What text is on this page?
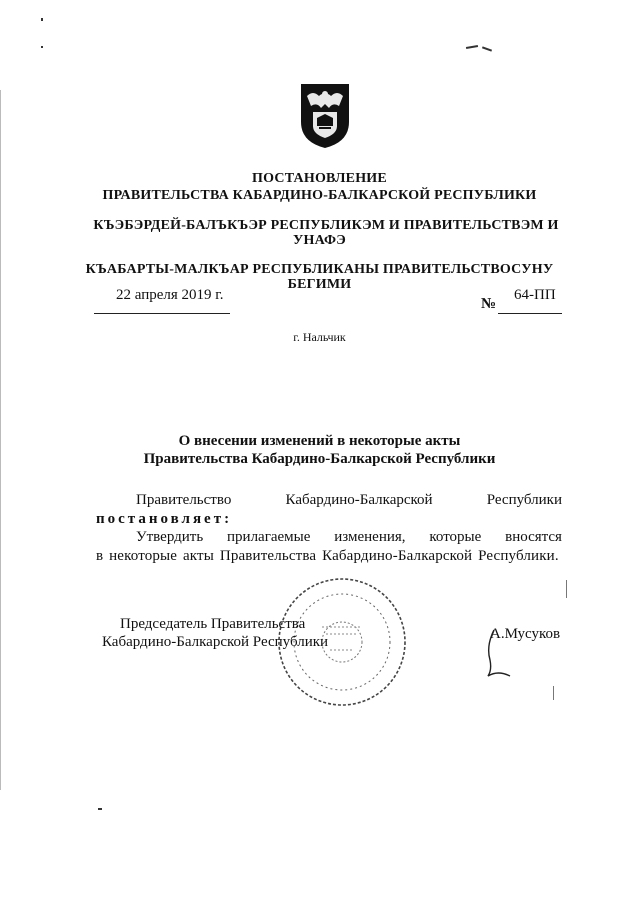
ПОСТАНОВЛЕНИЕ
ПРАВИТЕЛЬСТВА КАБАРДИНО-БАЛКАРСКОЙ РЕСПУБЛИКИ
КЪЭБЭРДЕЙ-БАЛЪКЪЭР РЕСПУБЛИКЭМ И ПРАВИТЕЛЬСТВЭМ И
УНАФЭ
КЪАБАРТЫ-МАЛКЪАР РЕСПУБЛИКАНЫ ПРАВИТЕЛЬСТВОСУНУ
БЕГИМИ
22 апреля 2019 г.
№
64-ПП
г. Нальчик
О внесении изменений в некоторые акты
Правительства Кабардино-Балкарской Республики
Правительство	Кабардино-Балкарской	Республики
постановляет:
Утвердить прилагаемые изменения, которые вносятся
в некоторые акты Правительства Кабардино-Балкарской Республики.
Председатель Правительства
Кабардино-Балкарской Республики	А.Мусуков
